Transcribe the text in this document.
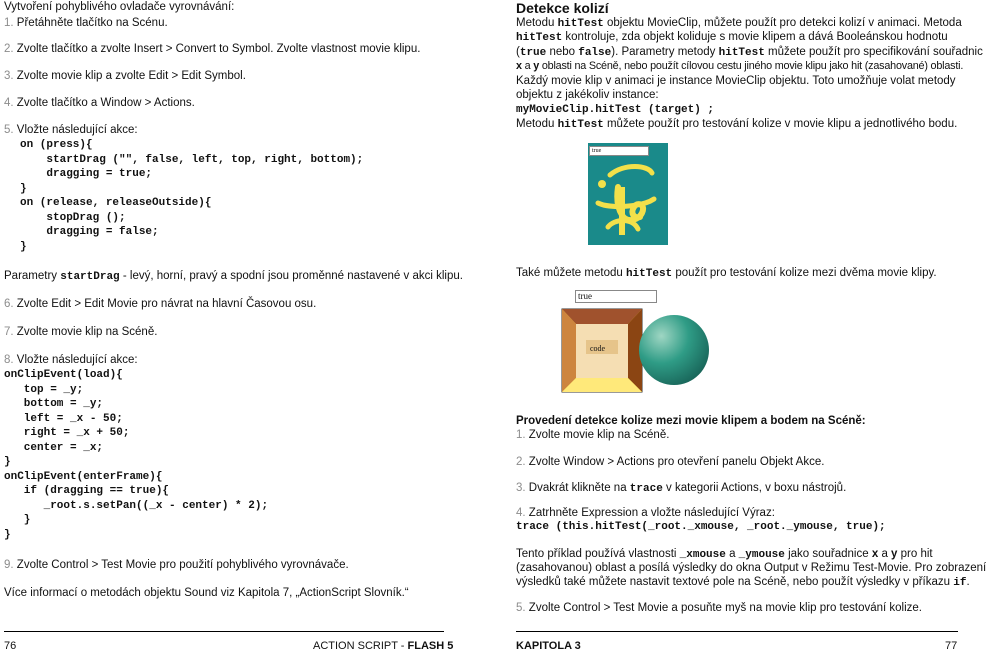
Vytvoření pohyblivého ovladače vyrovnávání:
1. Přetáhněte tlačítko na Scénu.
2. Zvolte tlačítko a zvolte Insert > Convert to Symbol. Zvolte vlastnost movie klipu.
3. Zvolte movie klip a zvolte Edit > Edit Symbol.
4. Zvolte tlačítko a Window > Actions.
5. Vložte následující akce:
on (press){
startDrag ("", false, left, top, right, bottom);
dragging = true;
}
on (release, releaseOutside){
stopDrag ();
dragging = false;
}
Parametry startDrag - levý, horní, pravý a spodní jsou proměnné nastavené v akci klipu.
6. Zvolte Edit > Edit Movie pro návrat na hlavní Časovou osu.
7. Zvolte movie klip na Scéně.
8. Vložte následující akce:
onClipEvent(load){
top = _y;
bottom = _y;
left = _x - 50;
right = _x + 50;
center = _x;
}
onClipEvent(enterFrame){
if (dragging == true){
_root.s.setPan((_x - center) * 2);
}
}
9. Zvolte Control > Test Movie pro použití pohyblivého vyrovnávače.
Více informací o metodách objektu Sound viz Kapitola 7, „ActionScript Slovník.“
Detekce kolizí
Metodu hitTest objektu MovieClip, můžete použít pro detekci kolizí v animaci. Metoda
hitTest kontroluje, zda objekt koliduje s movie klipem a dává Booleánskou hodnotu
(true nebo false). Parametry metody hitTest můžete použít pro specifikování souřadnic
x a y oblasti na Scéně, nebo použít cílovou cestu jiného movie klipu jako hit (zasahované) oblasti.
Každý movie klip v animaci je instance MovieClip objektu. Toto umožňuje volat metody
objektu z jakékoliv instance:
myMovieClip.hitTest (target) ;
Metodu hitTest můžete použít pro testování kolize v movie klipu a jednotlivého bodu.
true
Také můžete metodu hitTest použít pro testování kolize mezi dvěma movie klipy.
true
code
Provedení detekce kolize mezi movie klipem a bodem na Scéně:
1. Zvolte movie klip na Scéně.
2. Zvolte Window > Actions pro otevření panelu Objekt Akce.
3. Dvakrát klikněte na trace v kategorii Actions, v boxu nástrojů.
4. Zatrhněte Expression a vložte následující Výraz:
trace (this.hitTest(_root._xmouse, _root._ymouse, true);
Tento příklad používá vlastnosti _xmouse a _ymouse jako souřadnice x a y pro hit
(zasahovanou) oblast a posílá výsledky do okna Output v Režimu Test-Movie. Pro zobrazení
výsledků také můžete nastavit textové pole na Scéně, nebo použít výsledky v příkazu if.
5. Zvolte Control > Test Movie a posuňte myš na movie klip pro testování kolize.
76	ACTION SCRIPT - FLASH 5	KAPITOLA 3	77
